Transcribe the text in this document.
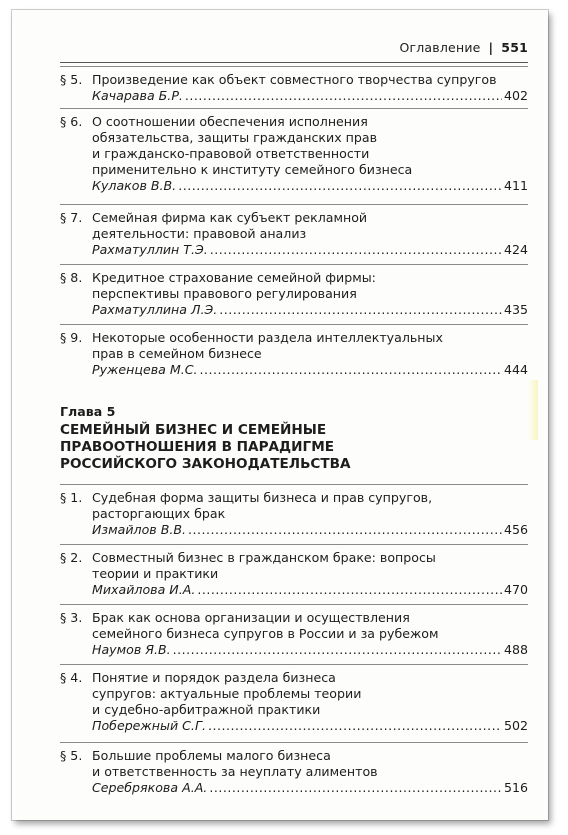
Оглавление | 551
§ 5. Произведение как объект совместного творчества супругов
Качарава Б.Р. .....	402
§ 6. О соотношении обеспечения исполнения
обязательства, защиты гражданских прав
и гражданско-правовой ответственности
применительно к институту семейного бизнеса
Кулаков В.В. .....	411
§ 7. Семейная фирма как субъект рекламной
деятельности: правовой анализ
Рахматуллин Т.Э. .....	424
§ 8. Кредитное страхование семейной фирмы:
перспективы правового регулирования
Рахматуллина Л.Э. .....	435
§ 9. Некоторые особенности раздела интеллектуальных
прав в семейном бизнесе
Руженцева М.С. .....	444
Глава 5
СЕМЕЙНЫЙ БИЗНЕС И СЕМЕЙНЫЕ
ПРАВООТНОШЕНИЯ В ПАРАДИГМЕ
РОССИЙСКОГО ЗАКОНОДАТЕЛЬСТВА
§ 1. Судебная форма защиты бизнеса и прав супругов,
расторгающих брак
Измайлов В.В. .....	456
§ 2. Совместный бизнес в гражданском браке: вопросы
теории и практики
Михайлова И.А. .....	470
§ 3. Брак как основа организации и осуществления
семейного бизнеса супругов в России и за рубежом
Наумов Я.В. .....	488
§ 4. Понятие и порядок раздела бизнеса
супругов: актуальные проблемы теории
и судебно-арбитражной практики
Побережный С.Г. .....	502
§ 5. Большие проблемы малого бизнеса
и ответственность за неуплату алиментов
Серебрякова А.А. .....	516
